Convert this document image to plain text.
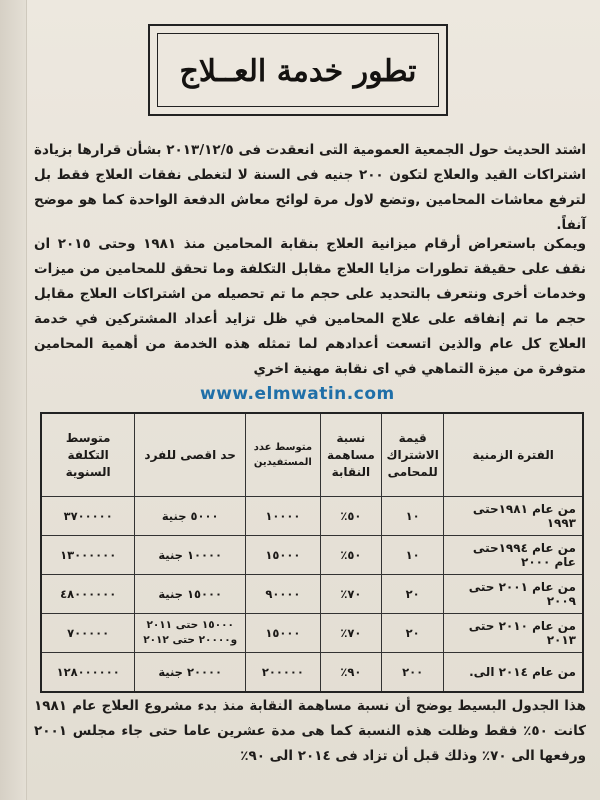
تطور خدمة العــلاج
اشتد الحديث حول الجمعية العمومية التى انعقدت فى ٢٠١٣/١٢/٥ بشأن قرارها بزيادة اشتراكات القيد والعلاج لتكون ٢٠٠ جنيه فى السنة لا لتغطى نفقات العلاج فقط بل لترفع معاشات المحامين ,وتضع لاول مرة لوائح معاش الدفعة الواحدة كما هو موضح آنفاً.
ويمكن باستعراض أرقام ميزانية العلاج بنقابة المحامين منذ ١٩٨١ وحتى ٢٠١٥ ان نقف على حقيقة تطورات مزايا العلاج مقابل التكلفة وما تحقق للمحامين من ميزات وخدمات أخرى ونتعرف بالتحديد على حجم ما تم تحصيله من اشتراكات العلاج مقابل حجم ما تم إنفاقه على علاج المحامين في ظل تزايد أعداد المشتركين في خدمة العلاج كل عام والذين اتسعت أعدادهم لما تمثله هذه الخدمة من أهمية المحامين متوفرة من ميزة التماهي في اى نقابة مهنية اخري
www.elmwatin.com
الفترة الزمنية	قيمة الاشتراك للمحامى	نسبة مساهمة النقابة	متوسط عدد المستفيدين	حد اقصى للفرد	متوسط التكلفة السنوية
من عام ١٩٨١حتى ١٩٩٣	١٠	٥٠٪	١٠٠٠٠	٥٠٠٠ جنية	٣٧٠٠٠٠٠
من عام ١٩٩٤حتى عام ٢٠٠٠	١٠	٥٠٪	١٥٠٠٠	١٠٠٠٠ جنية	١٣٠٠٠٠٠٠
من عام ٢٠٠١ حتى ٢٠٠٩	٢٠	٧٠٪	٩٠٠٠٠	١٥٠٠٠ جنية	٤٨٠٠٠٠٠٠
من عام ٢٠١٠ حتى ٢٠١٣	٢٠	٧٠٪	١٥٠٠٠	١٥٠٠٠ حتى ٢٠١١ و٢٠٠٠٠ حتى ٢٠١٢	٧٠٠٠٠٠
من عام ٢٠١٤ الى.	٢٠٠	٩٠٪	٢٠٠٠٠٠	٢٠٠٠٠ جنية	١٢٨٠٠٠٠٠٠
هذا الجدول البسيط يوضح أن نسبة مساهمة النقابة منذ بدء مشروع العلاج عام ١٩٨١ كانت ٥٠٪ فقط وظلت هذه النسبة كما هى مدة عشرين عاما حتى جاء مجلس ٢٠٠١ ورفعها الى ٧٠٪ وذلك قبل أن تزاد فى ٢٠١٤ الى ٩٠٪
